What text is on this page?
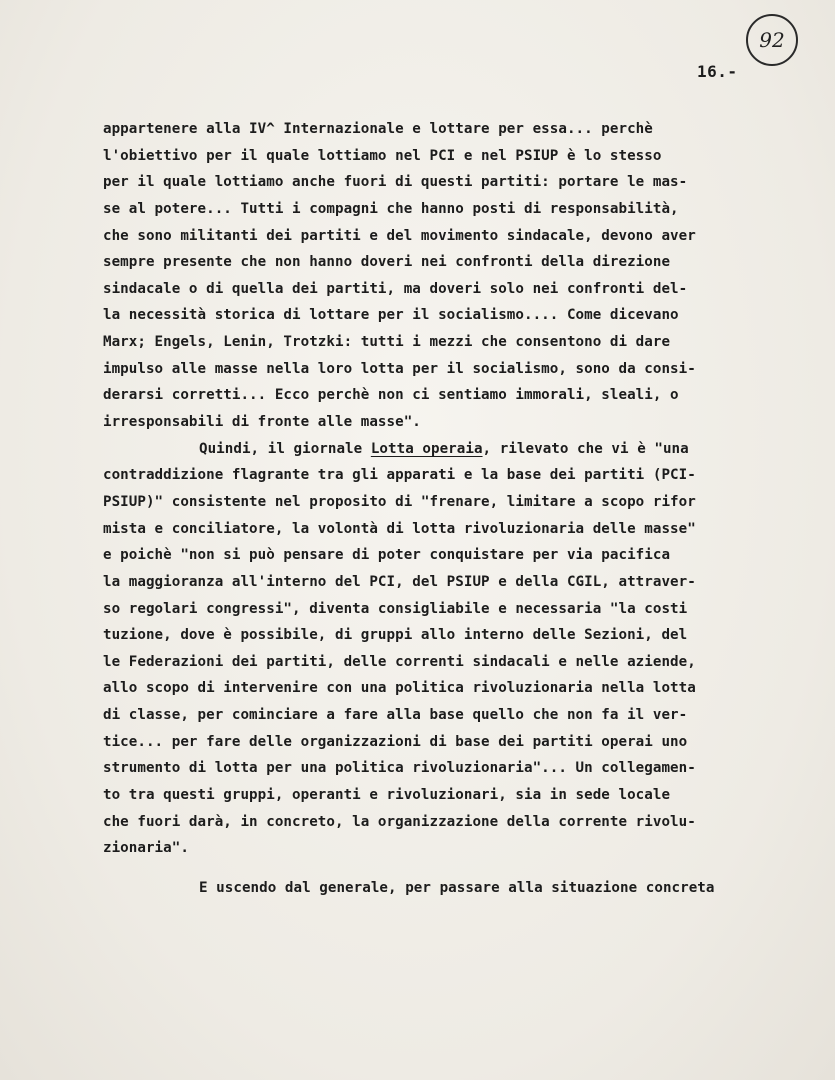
92
16.-
appartenere alla IV^ Internazionale e lottare per essa... perchè
l'obiettivo per il quale lottiamo nel PCI e nel PSIUP è lo stesso
per il quale lottiamo anche fuori di questi partiti: portare le mas-
se al potere... Tutti i compagni che hanno posti di responsabilità,
che sono militanti dei partiti e del movimento sindacale, devono aver
sempre presente che non hanno doveri nei confronti della direzione
sindacale o di quella dei partiti, ma doveri solo nei confronti del-
la necessità storica di lottare per il socialismo.... Come dicevano
Marx; Engels, Lenin, Trotzki: tutti i mezzi che consentono di dare
impulso alle masse nella loro lotta per il socialismo, sono da consi-
derarsi corretti... Ecco perchè non ci sentiamo immorali, sleali, o
irresponsabili di fronte alle masse".
Quindi, il giornale Lotta operaia, rilevato che vi è "una
contraddizione flagrante tra gli apparati e la base dei partiti (PCI-
PSIUP)" consistente nel proposito di "frenare, limitare a scopo rifor
mista e conciliatore, la volontà di lotta rivoluzionaria delle masse"
e poichè "non si può pensare di poter conquistare per via pacifica
la maggioranza all'interno del PCI, del PSIUP e della CGIL, attraver-
so regolari congressi", diventa consigliabile e necessaria "la costi
tuzione, dove è possibile, di gruppi allo interno delle Sezioni, del
le Federazioni dei partiti, delle correnti sindacali e nelle aziende,
allo scopo di intervenire con una politica rivoluzionaria nella lotta
di classe, per cominciare a fare alla base quello che non fa il ver-
tice... per fare delle organizzazioni di base dei partiti operai uno
strumento di lotta per una politica rivoluzionaria"... Un collegamen-
to tra questi gruppi, operanti e rivoluzionari, sia in sede locale
che fuori darà, in concreto, la organizzazione della corrente rivolu-
zionaria".
E uscendo dal generale, per passare alla situazione concreta
